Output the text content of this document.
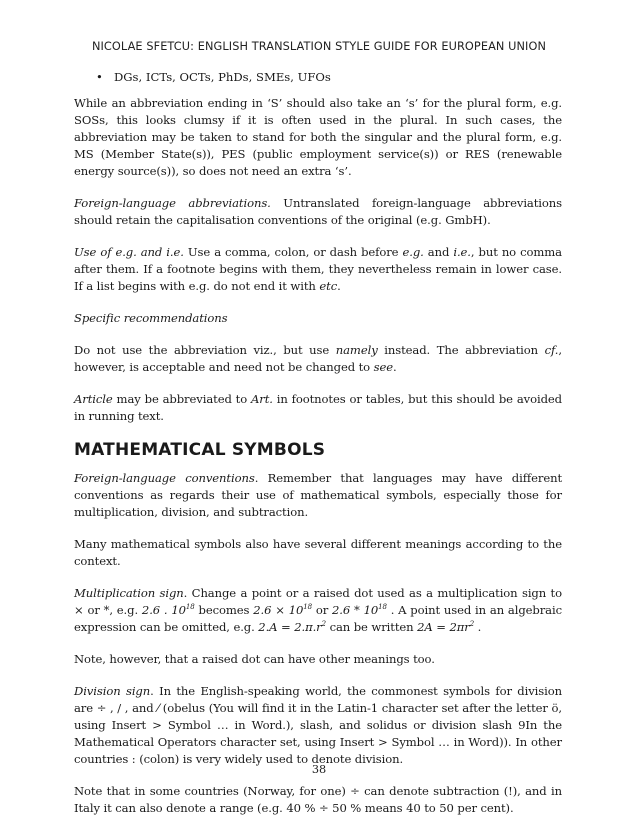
NICOLAE SFETCU: ENGLISH TRANSLATION STYLE GUIDE FOR EUROPEAN UNION
• DGs, ICTs, OCTs, PhDs, SMEs, UFOs

While an abbreviation ending in ‘S’ should also take an ‘s’ for the plural form, e.g. SOSs, this looks clumsy if it is often used in the plural. In such cases, the abbreviation may be taken to stand for both the singular and the plural form, e.g. MS (Member State(s)), PES (public employment service(s)) or RES (renewable energy source(s)), so does not need an extra ‘s’.

Foreign-language abbreviations. Untranslated foreign-language abbreviations should retain the capitalisation conventions of the original (e.g. GmbH).

Use of e.g. and i.e. Use a comma, colon, or dash before e.g. and i.e., but no comma after them. If a footnote begins with them, they nevertheless remain in lower case. If a list begins with e.g. do not end it with etc.

Specific recommendations

Do not use the abbreviation viz., but use namely instead. The abbreviation cf., however, is acceptable and need not be changed to see.

Article may be abbreviated to Art. in footnotes or tables, but this should be avoided in running text.

MATHEMATICAL SYMBOLS

Foreign-language conventions. Remember that languages may have different conventions as regards their use of mathematical symbols, especially those for multiplication, division, and subtraction.

Many mathematical symbols also have several different meanings according to the context.

Multiplication sign. Change a point or a raised dot used as a multiplication sign to × or *, e.g. 2.6 . $10^{18}$ becomes $2.6 \times 10^{18}$ or $2.6 * 10^{18}$ . A point used in an algebraic expression can be omitted, e.g. $2.A = 2.\pi.r^2$ can be written $2A = 2\pi r^2$ .

Note, however, that a raised dot can have other meanings too.

Division sign. In the English-speaking world, the commonest symbols for division are ÷ , / , and ⁄ (obelus (You will find it in the Latin-1 character set after the letter ö, using Insert > Symbol … in Word.), slash, and solidus or division slash 9In the Mathematical Operators character set, using Insert > Symbol … in Word)). In other countries : (colon) is very widely used to denote division.

Note that in some countries (Norway, for one) ÷ can denote subtraction (!), and in Italy it can also denote a range (e.g. 40 % ÷ 50 % means 40 to 50 per cent).

38
